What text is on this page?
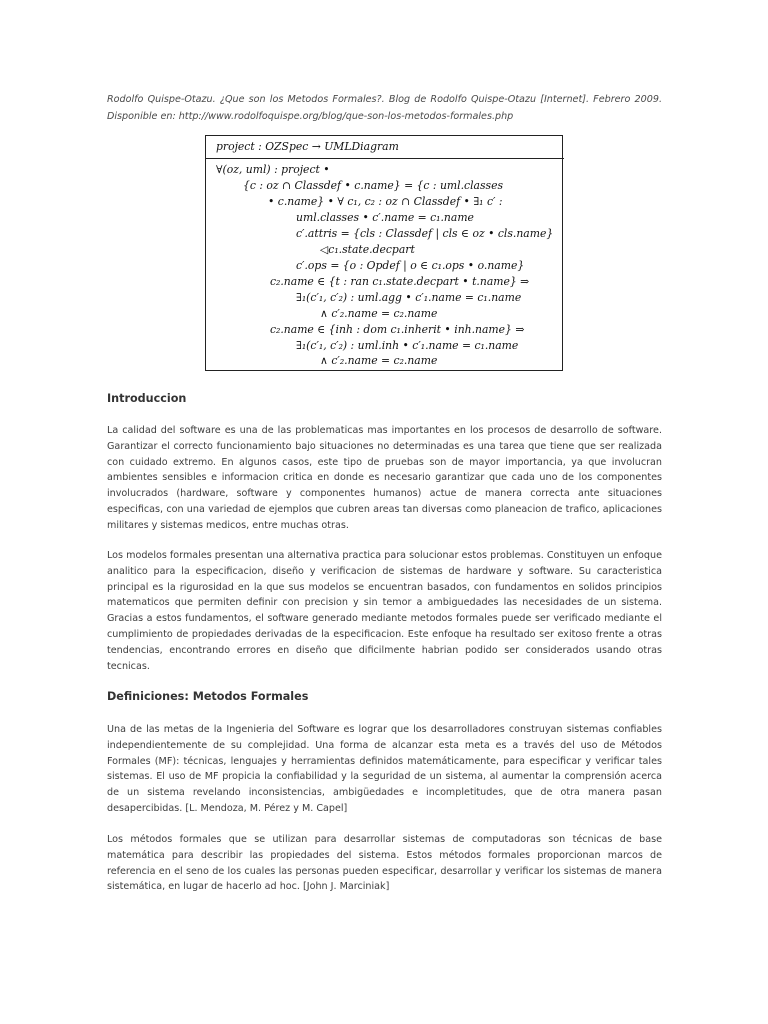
Rodolfo Quispe-Otazu. ¿Que son los Metodos Formales?. Blog de Rodolfo Quispe-Otazu [Internet]. Febrero 2009. Disponible en: http://www.rodolfoquispe.org/blog/que-son-los-metodos-formales.php
project : OZSpec → UMLDiagram
∀(oz, uml) : project •
{c : oz ∩ Classdef • c.name} = {c : uml.classes
• c.name} • ∀ c₁, c₂ : oz ∩ Classdef • ∃₁ c′ :
uml.classes • c′.name = c₁.name
c′.attris = {cls : Classdef | cls ∈ oz • cls.name}
◁c₁.state.decpart
c′.ops = {o : Opdef | o ∈ c₁.ops • o.name}
c₂.name ∈ {t : ran c₁.state.decpart • t.name} ⇒
∃₁(c′₁, c′₂) : uml.agg • c′₁.name = c₁.name
∧ c′₂.name = c₂.name
c₂.name ∈ {inh : dom c₁.inherit • inh.name} ⇒
∃₁(c′₁, c′₂) : uml.inh • c′₁.name = c₁.name
∧ c′₂.name = c₂.name
Introduccion
La calidad del software es una de las problematicas mas importantes en los procesos de desarrollo de software. Garantizar el correcto funcionamiento bajo situaciones no determinadas es una tarea que tiene que ser realizada con cuidado extremo. En algunos casos, este tipo de pruebas son de mayor importancia, ya que involucran ambientes sensibles e informacion critica en donde es necesario garantizar que cada uno de los componentes involucrados (hardware, software y componentes humanos) actue de manera correcta ante situaciones especificas, con una variedad de ejemplos que cubren areas tan diversas como planeacion de trafico, aplicaciones militares y sistemas medicos, entre muchas otras.
Los modelos formales presentan una alternativa practica para solucionar estos problemas. Constituyen un enfoque analitico para la especificacion, diseño y verificacion de sistemas de hardware y software. Su caracteristica principal es la rigurosidad en la que sus modelos se encuentran basados, con fundamentos en solidos principios matematicos que permiten definir con precision y sin temor a ambiguedades las necesidades de un sistema. Gracias a estos fundamentos, el software generado mediante metodos formales puede ser verificado mediante el cumplimiento de propiedades derivadas de la especificacion. Este enfoque ha resultado ser exitoso frente a otras tendencias, encontrando errores en diseño que dificilmente habrian podido ser considerados usando otras tecnicas.
Definiciones: Metodos Formales
Una de las metas de la Ingenieria del Software es lograr que los desarrolladores construyan sistemas confiables independientemente de su complejidad. Una forma de alcanzar esta meta es a través del uso de Métodos Formales (MF): técnicas, lenguajes y herramientas definidos matemáticamente, para especificar y verificar tales sistemas. El uso de MF propicia la confiabilidad y la seguridad de un sistema, al aumentar la comprensión acerca de un sistema revelando inconsistencias, ambigüedades e incompletitudes, que de otra manera pasan desapercibidas. [L. Mendoza, M. Pérez y M. Capel]
Los métodos formales que se utilizan para desarrollar sistemas de computadoras son técnicas de base matemática para describir las propiedades del sistema. Estos métodos formales proporcionan marcos de referencia en el seno de los cuales las personas pueden especificar, desarrollar y verificar los sistemas de manera sistemática, en lugar de hacerlo ad hoc. [John J. Marciniak]
